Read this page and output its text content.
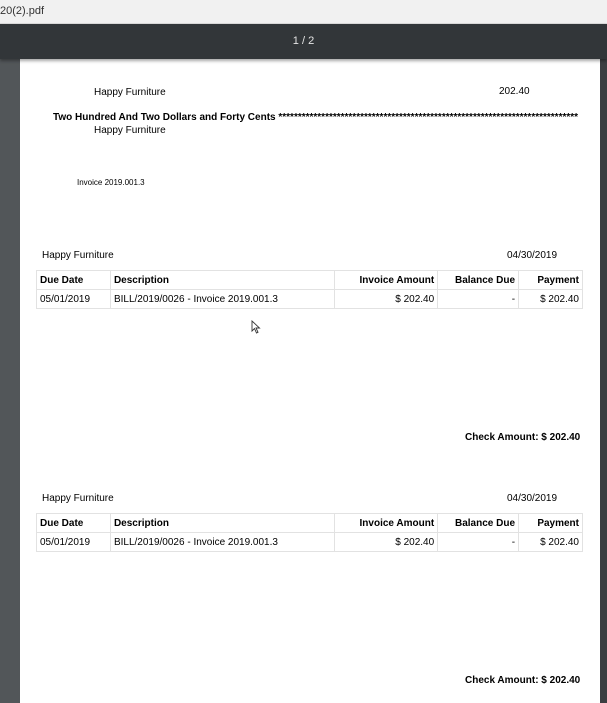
20(2).pdf
1 / 2
Happy Furniture	202.40
Two Hundred And Two Dollars and Forty Cents *****************************************************************************
Happy Furniture
Invoice 2019.001.3
Happy Furniture	04/30/2019
Due Date	Description	Invoice Amount	Balance Due	Payment
05/01/2019	BILL/2019/0026 - Invoice 2019.001.3	$ 202.40	-	$ 202.40
Check Amount: $ 202.40
Happy Furniture	04/30/2019
Due Date	Description	Invoice Amount	Balance Due	Payment
05/01/2019	BILL/2019/0026 - Invoice 2019.001.3	$ 202.40	-	$ 202.40
Check Amount: $ 202.40
